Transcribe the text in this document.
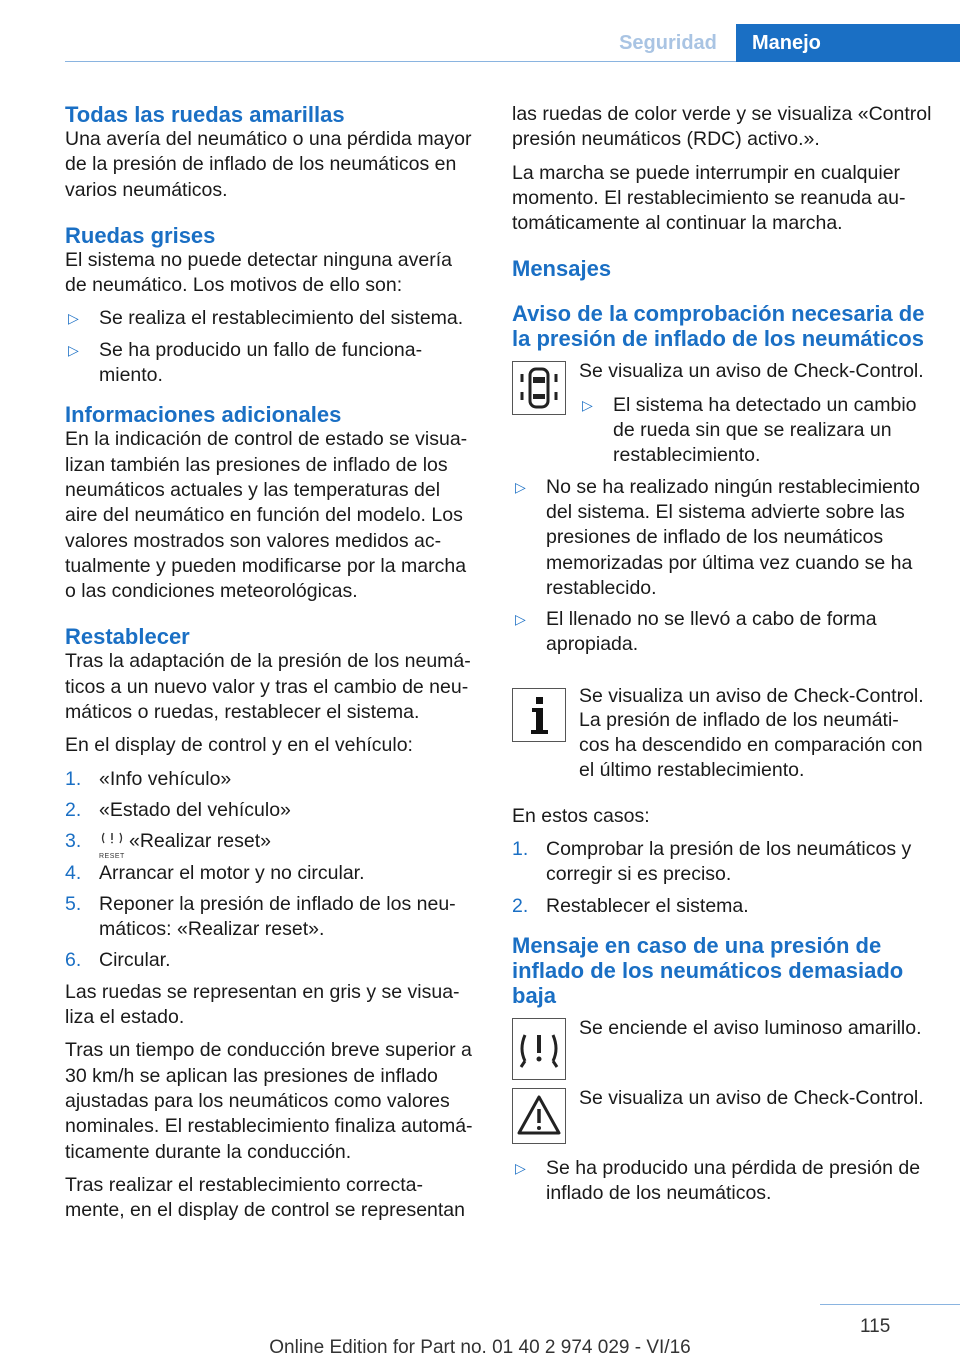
Seguridad	Manejo
Todas las ruedas amarillas

Una avería del neumático o una pérdida mayor de la presión de inflado de los neumáticos en varios neumáticos.

Ruedas grises

El sistema no puede detectar ninguna avería de neumático. Los motivos de ello son:

▷ Se realiza el restablecimiento del sistema.
▷ Se ha producido un fallo de funciona‐ miento.
Informaciones adicionales

En la indicación de control de estado se visua‐ lizan también las presiones de inflado de los neumáticos actuales y las temperaturas del aire del neumático en función del modelo. Los valores mostrados son valores medidos ac‐ tualmente y pueden modificarse por la marcha o las condiciones meteorológicas.

Restablecer

Tras la adaptación de la presión de los neumá‐ ticos a un nuevo valor y tras el cambio de neu‐ máticos o ruedas, restablecer el sistema.

En el display de control y en el vehículo:

1. «Info vehículo»
2. «Estado del vehículo»
3.
RESET
«Realizar reset»
4. Arrancar el motor y no circular.
5. Reponer la presión de inflado de los neu‐ máticos: «Realizar reset».
6. Circular.

Las ruedas se representan en gris y se visua‐ liza el estado.

Tras un tiempo de conducción breve superior a 30 km/h se aplican las presiones de inflado ajustadas para los neumáticos como valores nominales. El restablecimiento finaliza automá‐ ticamente durante la conducción.

Tras realizar el restablecimiento correcta‐ mente, en el display de control se representan

las ruedas de color verde y se visualiza «Control presión neumáticos (RDC) activo.».

La marcha se puede interrumpir en cualquier momento. El restablecimiento se reanuda au‐ tomáticamente al continuar la marcha.

Mensajes
Aviso de la comprobación necesaria de la presión de inflado de los neumáticos

Se visualiza un aviso de Check-Control.

▷ El sistema ha detectado un cambio de rueda sin que se realizara un restablecimiento.
▷ No se ha realizado ningún restablecimiento del sistema. El sistema advierte sobre las presiones de inflado de los neumáticos memorizadas por última vez cuando se ha restablecido.
▷ El llenado no se llevó a cabo de forma apropiada.

Se visualiza un aviso de Check-Control.

La presión de inflado de los neumáti‐ cos ha descendido en comparación con el último restablecimiento.

En estos casos:

1. Comprobar la presión de los neumáticos y corregir si es preciso.
2. Restablecer el sistema.
Mensaje en caso de una presión de inflado de los neumáticos demasiado baja

Se enciende el aviso luminoso amarillo.

Se visualiza un aviso de Check-Control.

▷ Se ha producido una pérdida de presión de inflado de los neumáticos.
115
Online Edition for Part no. 01 40 2 974 029 - VI/16
